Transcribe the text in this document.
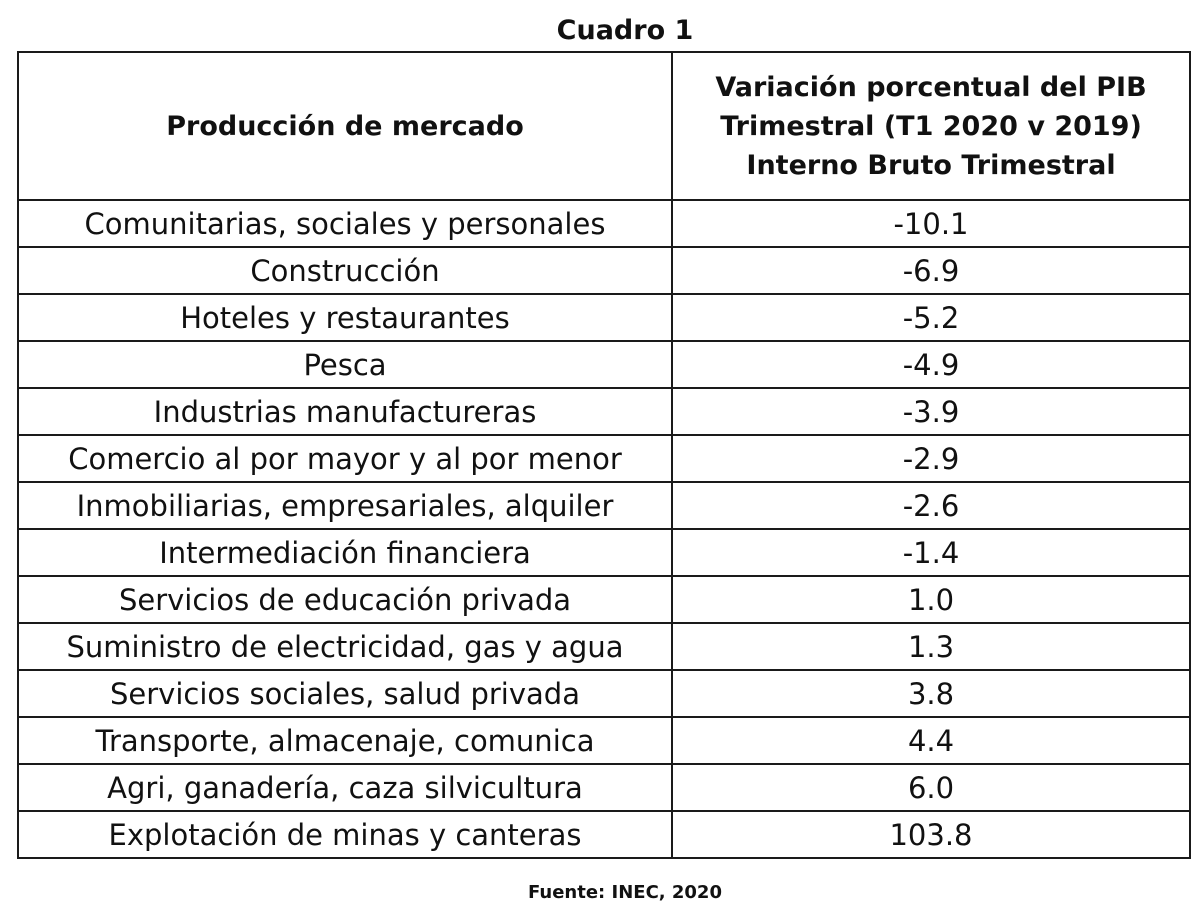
Cuadro 1
Producción de mercado	Variación porcentual del PIB
Trimestral (T1 2020 v 2019)
Interno Bruto Trimestral

Comunitarias, sociales y personales	-10.1
Construcción	-6.9
Hoteles y restaurantes	-5.2
Pesca	-4.9
Industrias manufactureras	-3.9
Comercio al por mayor y al por menor	-2.9
Inmobiliarias, empresariales, alquiler	-2.6
Intermediación financiera	-1.4
Servicios de educación privada	1.0
Suministro de electricidad, gas y agua	1.3
Servicios sociales, salud privada	3.8
Transporte, almacenaje, comunica	4.4
Agri, ganadería, caza silvicultura	6.0
Explotación de minas y canteras	103.8
Fuente: INEC, 2020
